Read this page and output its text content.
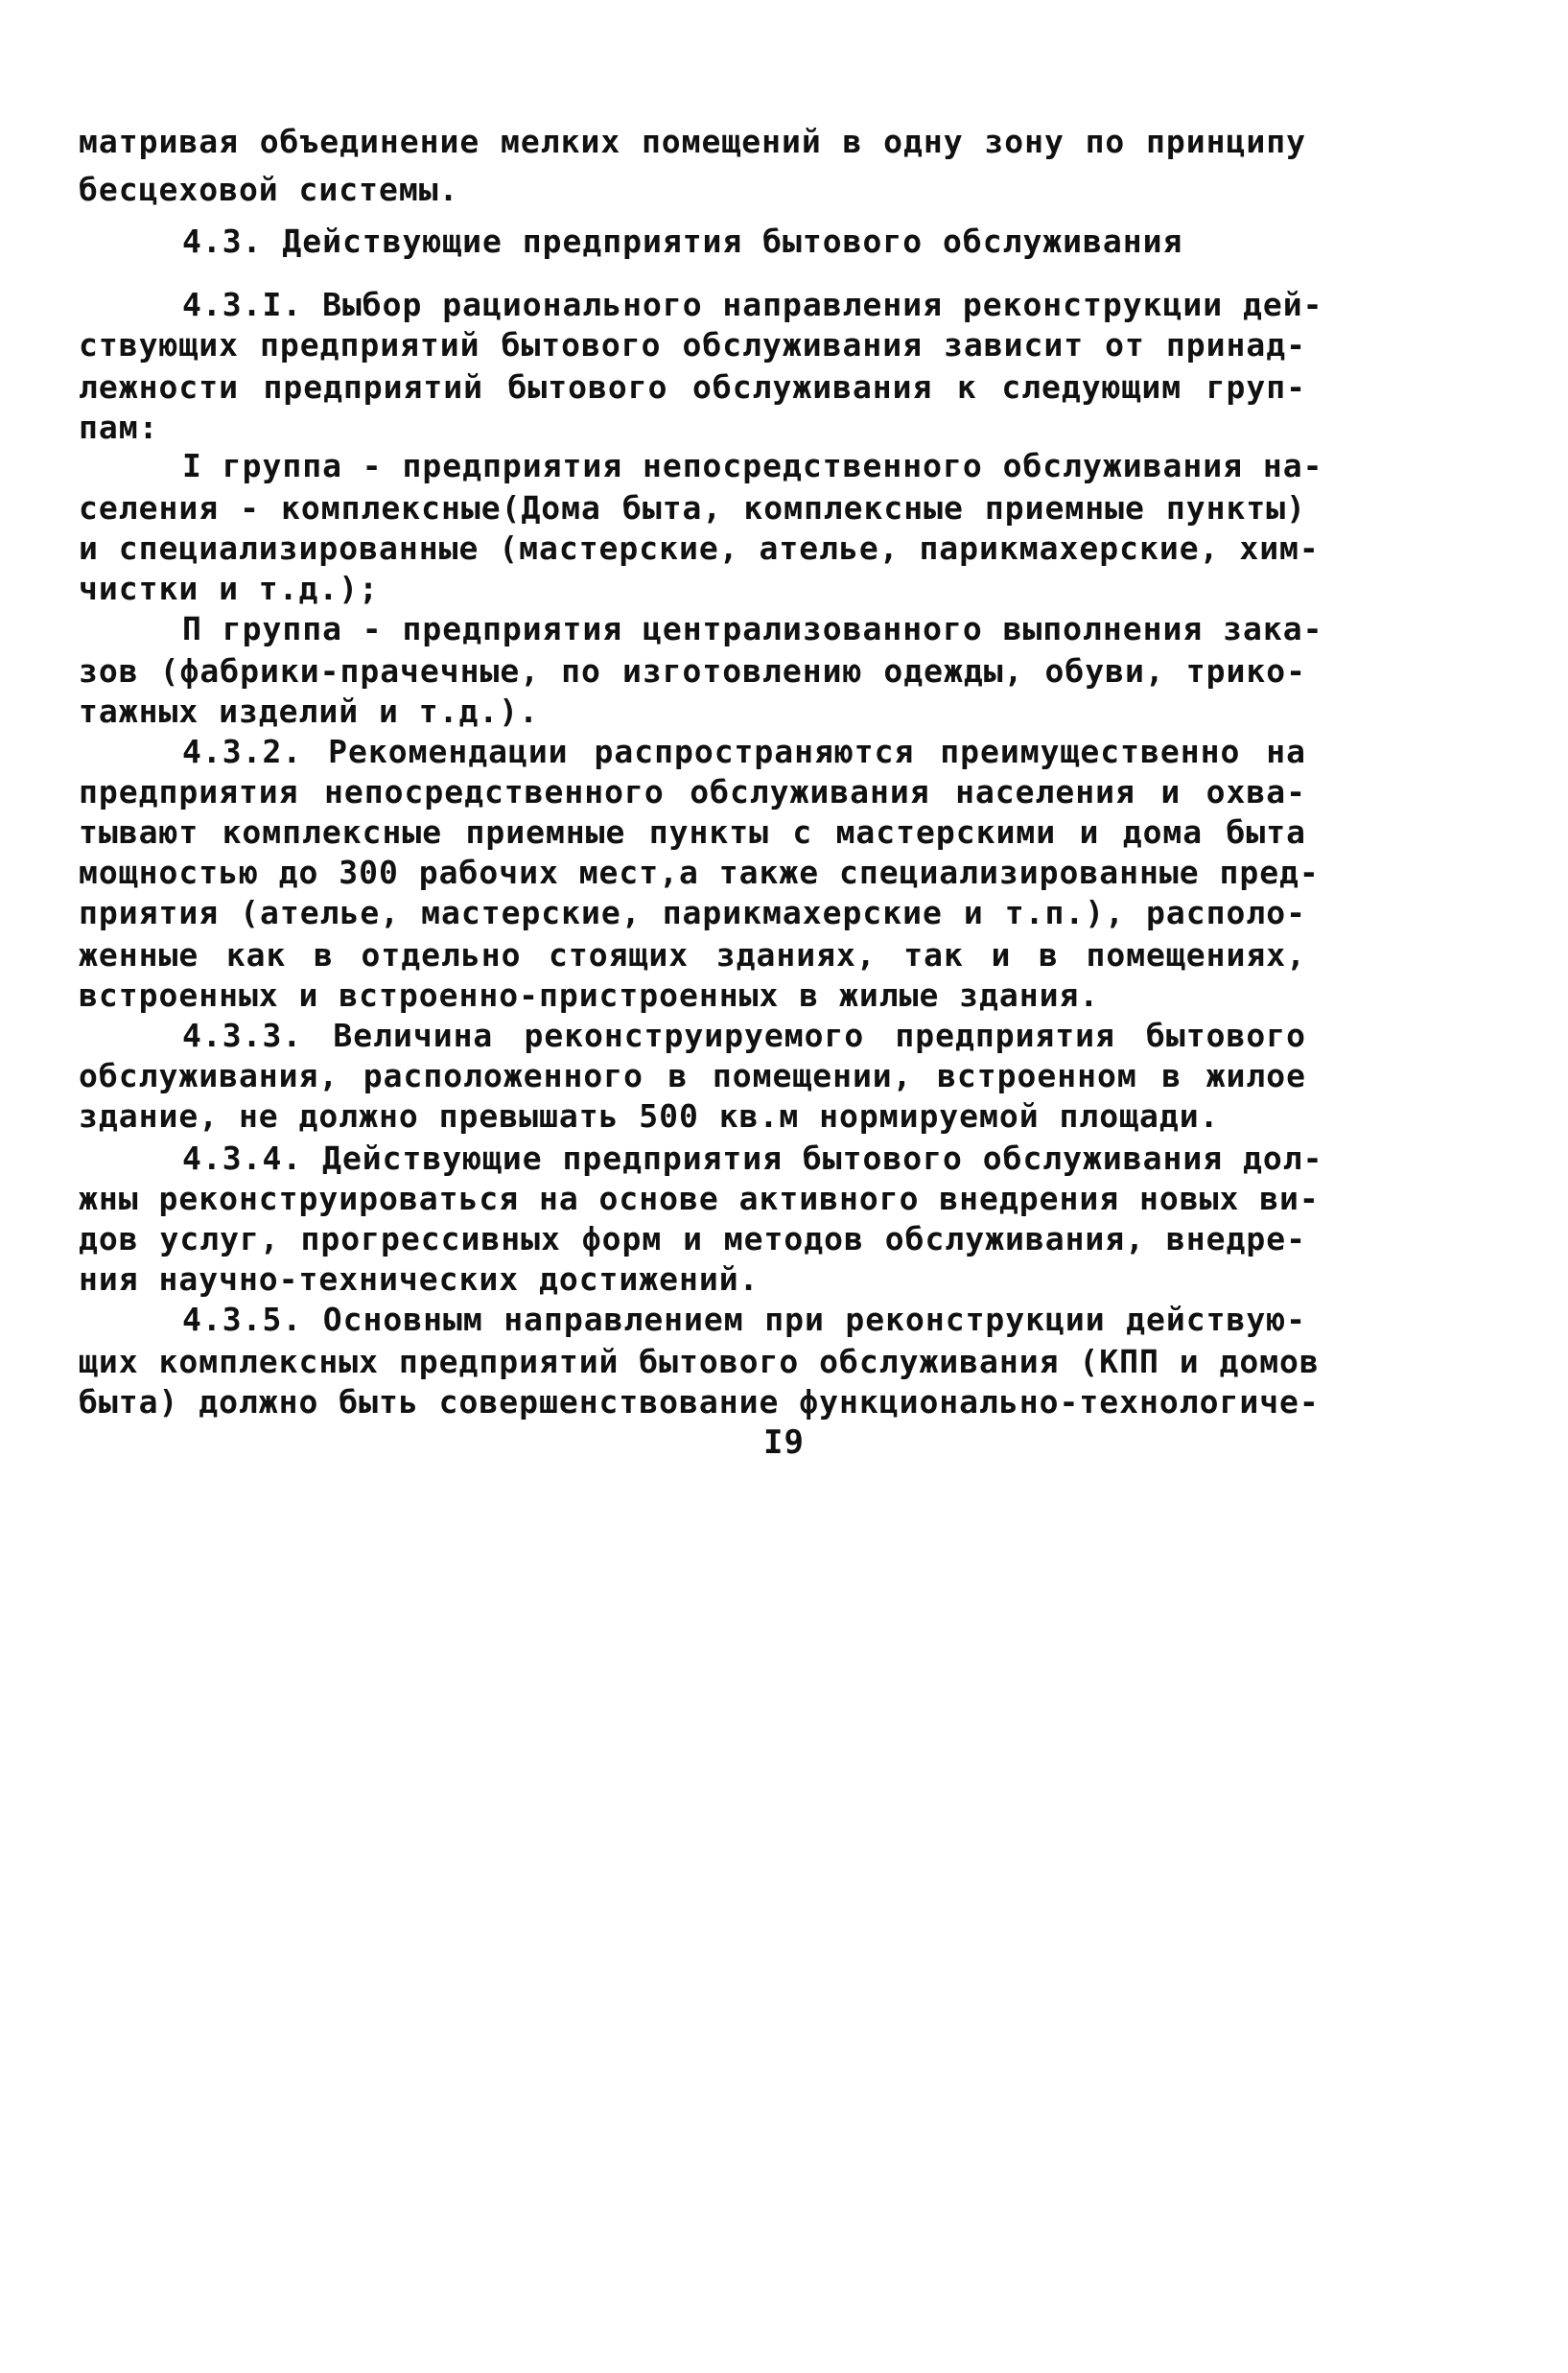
матривая объединение мелких помещений в одну зону по принципу
бесцеховой системы.
4.3. Действующие предприятия бытового обслуживания
4.3.I. Выбор рационального направления реконструкции дей-
ствующих предприятий бытового обслуживания зависит от принад-
лежности предприятий бытового обслуживания к следующим груп-
пам:
I группа - предприятия непосредственного обслуживания на-
селения - комплексные(Дома быта, комплексные приемные пункты)
и специализированные (мастерские, ателье, парикмахерские, хим-
чистки и т.д.);
П группа - предприятия централизованного выполнения зака-
зов (фабрики-прачечные, по изготовлению одежды, обуви, трико-
тажных изделий и т.д.).
4.3.2. Рекомендации распространяются преимущественно на
предприятия непосредственного обслуживания населения и охва-
тывают комплексные приемные пункты с мастерскими и дома быта
мощностью до 300 рабочих мест,а также специализированные пред-
приятия (ателье, мастерские, парикмахерские и т.п.), располо-
женные как в отдельно стоящих зданиях, так и в помещениях,
встроенных и встроенно-пристроенных в жилые здания.
4.3.3. Величина реконструируемого предприятия бытового
обслуживания, расположенного в помещении, встроенном в жилое
здание, не должно превышать 500 кв.м нормируемой площади.
4.3.4. Действующие предприятия бытового обслуживания дол-
жны реконструироваться на основе активного внедрения новых ви-
дов услуг, прогрессивных форм и методов обслуживания, внедре-
ния научно-технических достижений.
4.3.5. Основным направлением при реконструкции действую-
щих комплексных предприятий бытового обслуживания (КПП и домов
быта) должно быть совершенствование функционально-технологиче-
I9
